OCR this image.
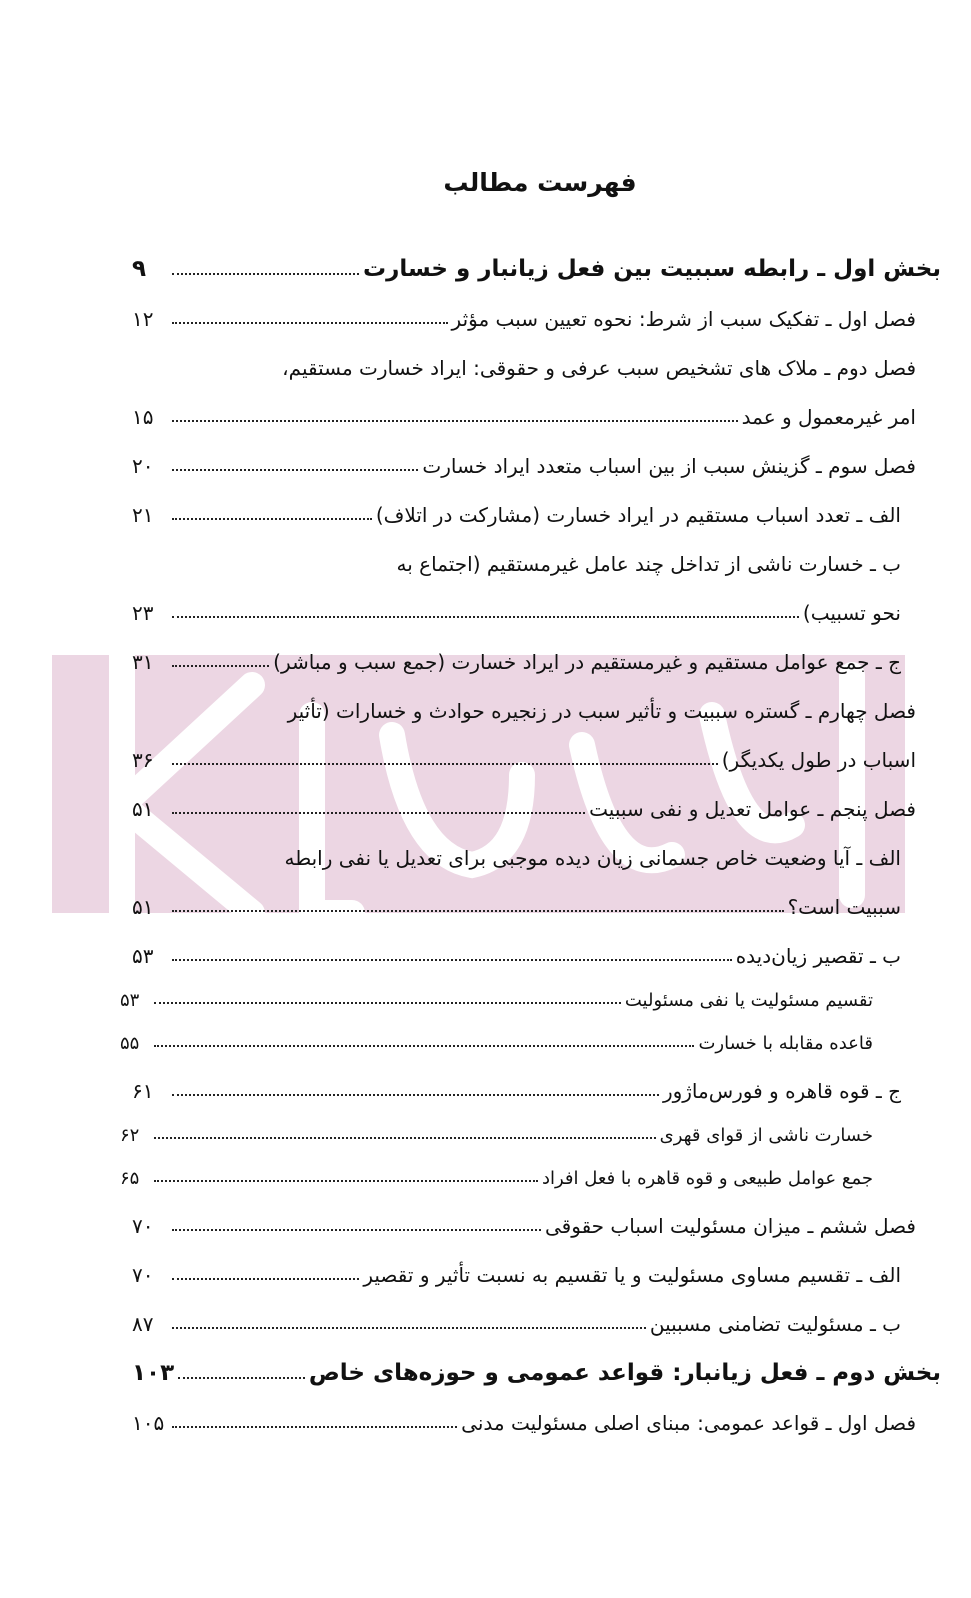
فهرست مطالب
بخش اول ـ رابطه سببیت بین فعل زیانبار و خسارت
۹
فصل اول ـ تفکیک سبب از شرط: نحوه تعیین سبب مؤثر
۱۲
فصل دوم ـ ملاک های تشخیص سبب عرفی و حقوقی: ایراد خسارت مستقیم،
امر غیرمعمول و عمد
۱۵
فصل سوم ـ گزینش سبب از بین اسباب متعدد ایراد خسارت
۲۰
الف ـ تعدد اسباب مستقیم در ایراد خسارت (مشارکت در اتلاف)
۲۱
ب ـ خسارت ناشی از تداخل چند عامل غیرمستقیم (اجتماع به
نحو تسبیب)
۲۳
ج ـ جمع عوامل مستقیم و غیرمستقیم در ایراد خسارت (جمع سبب و مباشر)
۳۱
فصل چهارم ـ گستره سببیت و تأثیر سبب در زنجیره حوادث و خسارات (تأثیر
اسباب در طول یکدیگر)
۳۶
فصل پنجم ـ عوامل تعدیل و نفی سببیت
۵۱
الف ـ آیا وضعیت خاص جسمانی زیان دیده موجبی برای تعدیل یا نفی رابطه
سببیت است؟
۵۱
ب ـ تقصیر زیان‌دیده
۵۳
تقسیم مسئولیت یا نفی مسئولیت
۵۳
قاعده مقابله با خسارت
۵۵
ج ـ قوه قاهره و فورس‌ماژور
۶۱
خسارت ناشی از قوای قهری
۶۲
جمع عوامل طبیعی و قوه قاهره با فعل افراد
۶۵
فصل ششم ـ میزان مسئولیت اسباب حقوقی
۷۰
الف ـ تقسیم مساوی مسئولیت و یا تقسیم به نسبت تأثیر و تقصیر
۷۰
ب ـ مسئولیت تضامنی مسببین
۸۷
بخش دوم ـ فعل زیانبار: قواعد عمومی و حوزه‌های خاص
۱۰۳
فصل اول ـ قواعد عمومی: مبنای اصلی مسئولیت مدنی
۱۰۵
